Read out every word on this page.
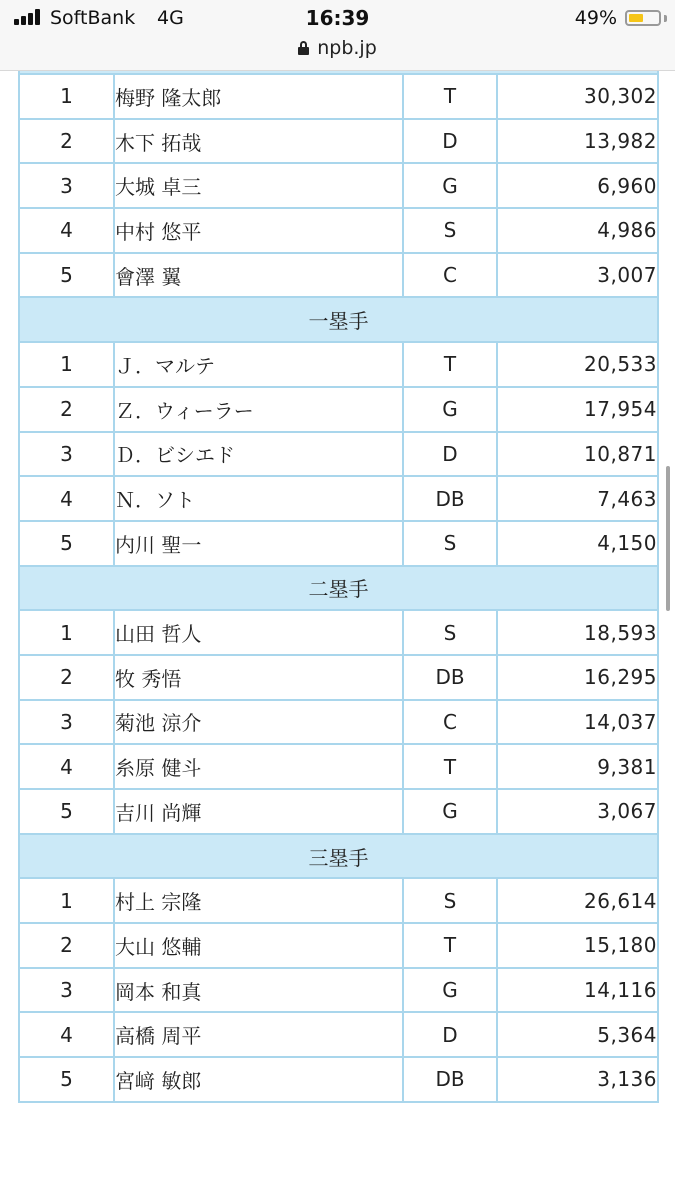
SoftBank 4G	16:39	49%
npb.jp

1	梅野 隆太郎	T	30,302
2	木下 拓哉	D	13,982
3	大城 卓三	G	6,960
4	中村 悠平	S	4,986
5	會澤 翼	C	3,007
一塁手			
1	Ｊ．マルテ	T	20,533
2	Ｚ．ウィーラー	G	17,954
3	Ｄ．ビシエド	D	10,871
4	Ｎ．ソト	DB	7,463
5	内川 聖一	S	4,150
二塁手			
1	山田 哲人	S	18,593
2	牧 秀悟	DB	16,295
3	菊池 涼介	C	14,037
4	糸原 健斗	T	9,381
5	吉川 尚輝	G	3,067
三塁手			
1	村上 宗隆	S	26,614
2	大山 悠輔	T	15,180
3	岡本 和真	G	14,116
4	高橋 周平	D	5,364
5	宮﨑 敏郎	DB	3,136
